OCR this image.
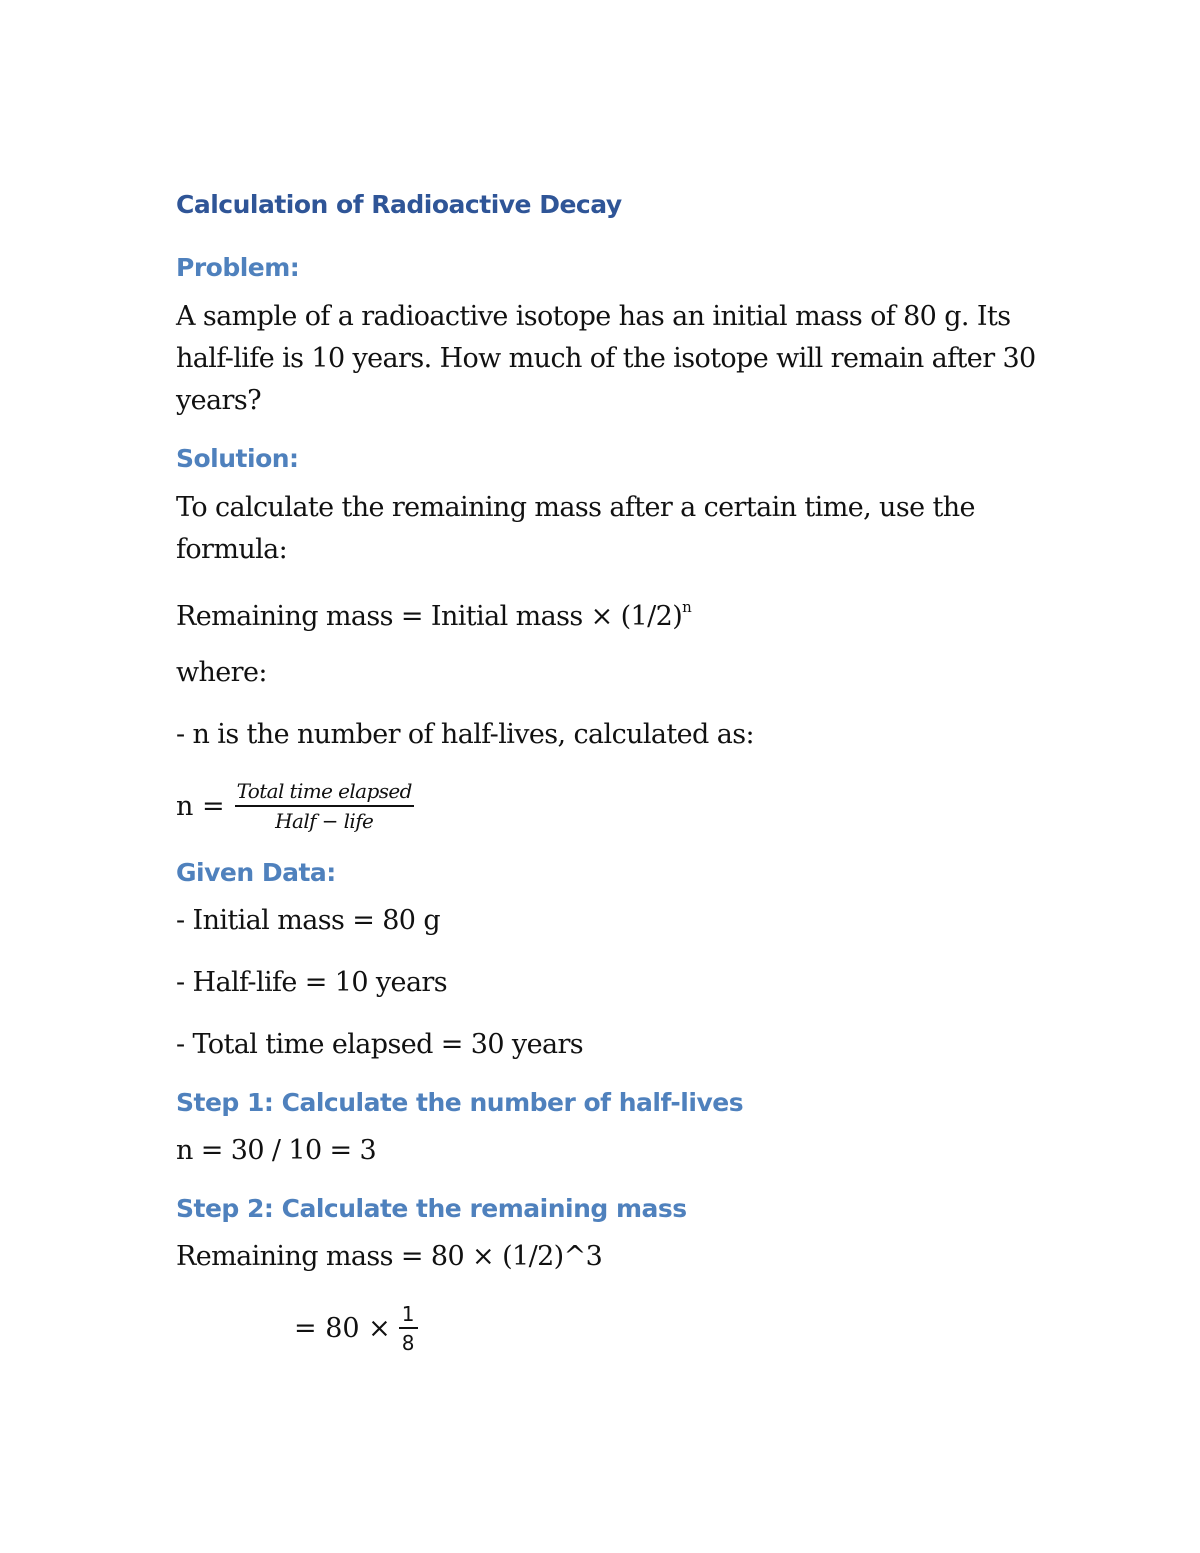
Calculation of Radioactive Decay
Problem:
A sample of a radioactive isotope has an initial mass of 80 g. Its half-life is 10 years. How much of the isotope will remain after 30 years?
Solution:
To calculate the remaining mass after a certain time, use the formula:
Remaining mass = Initial mass × $(1/2)^n$
where:
- n is the number of half-lives, calculated as:
$n = \frac{\text{Total time elapsed}}{\text{Half − life}}$
Given Data:
- Initial mass = 80 g
- Half-life = 10 years
- Total time elapsed = 30 years
Step 1: Calculate the number of half-lives
n = 30 / 10 = 3
Step 2: Calculate the remaining mass
Remaining mass = 80 × (1/2)^3
= $80 \times \frac{1}{8}$
